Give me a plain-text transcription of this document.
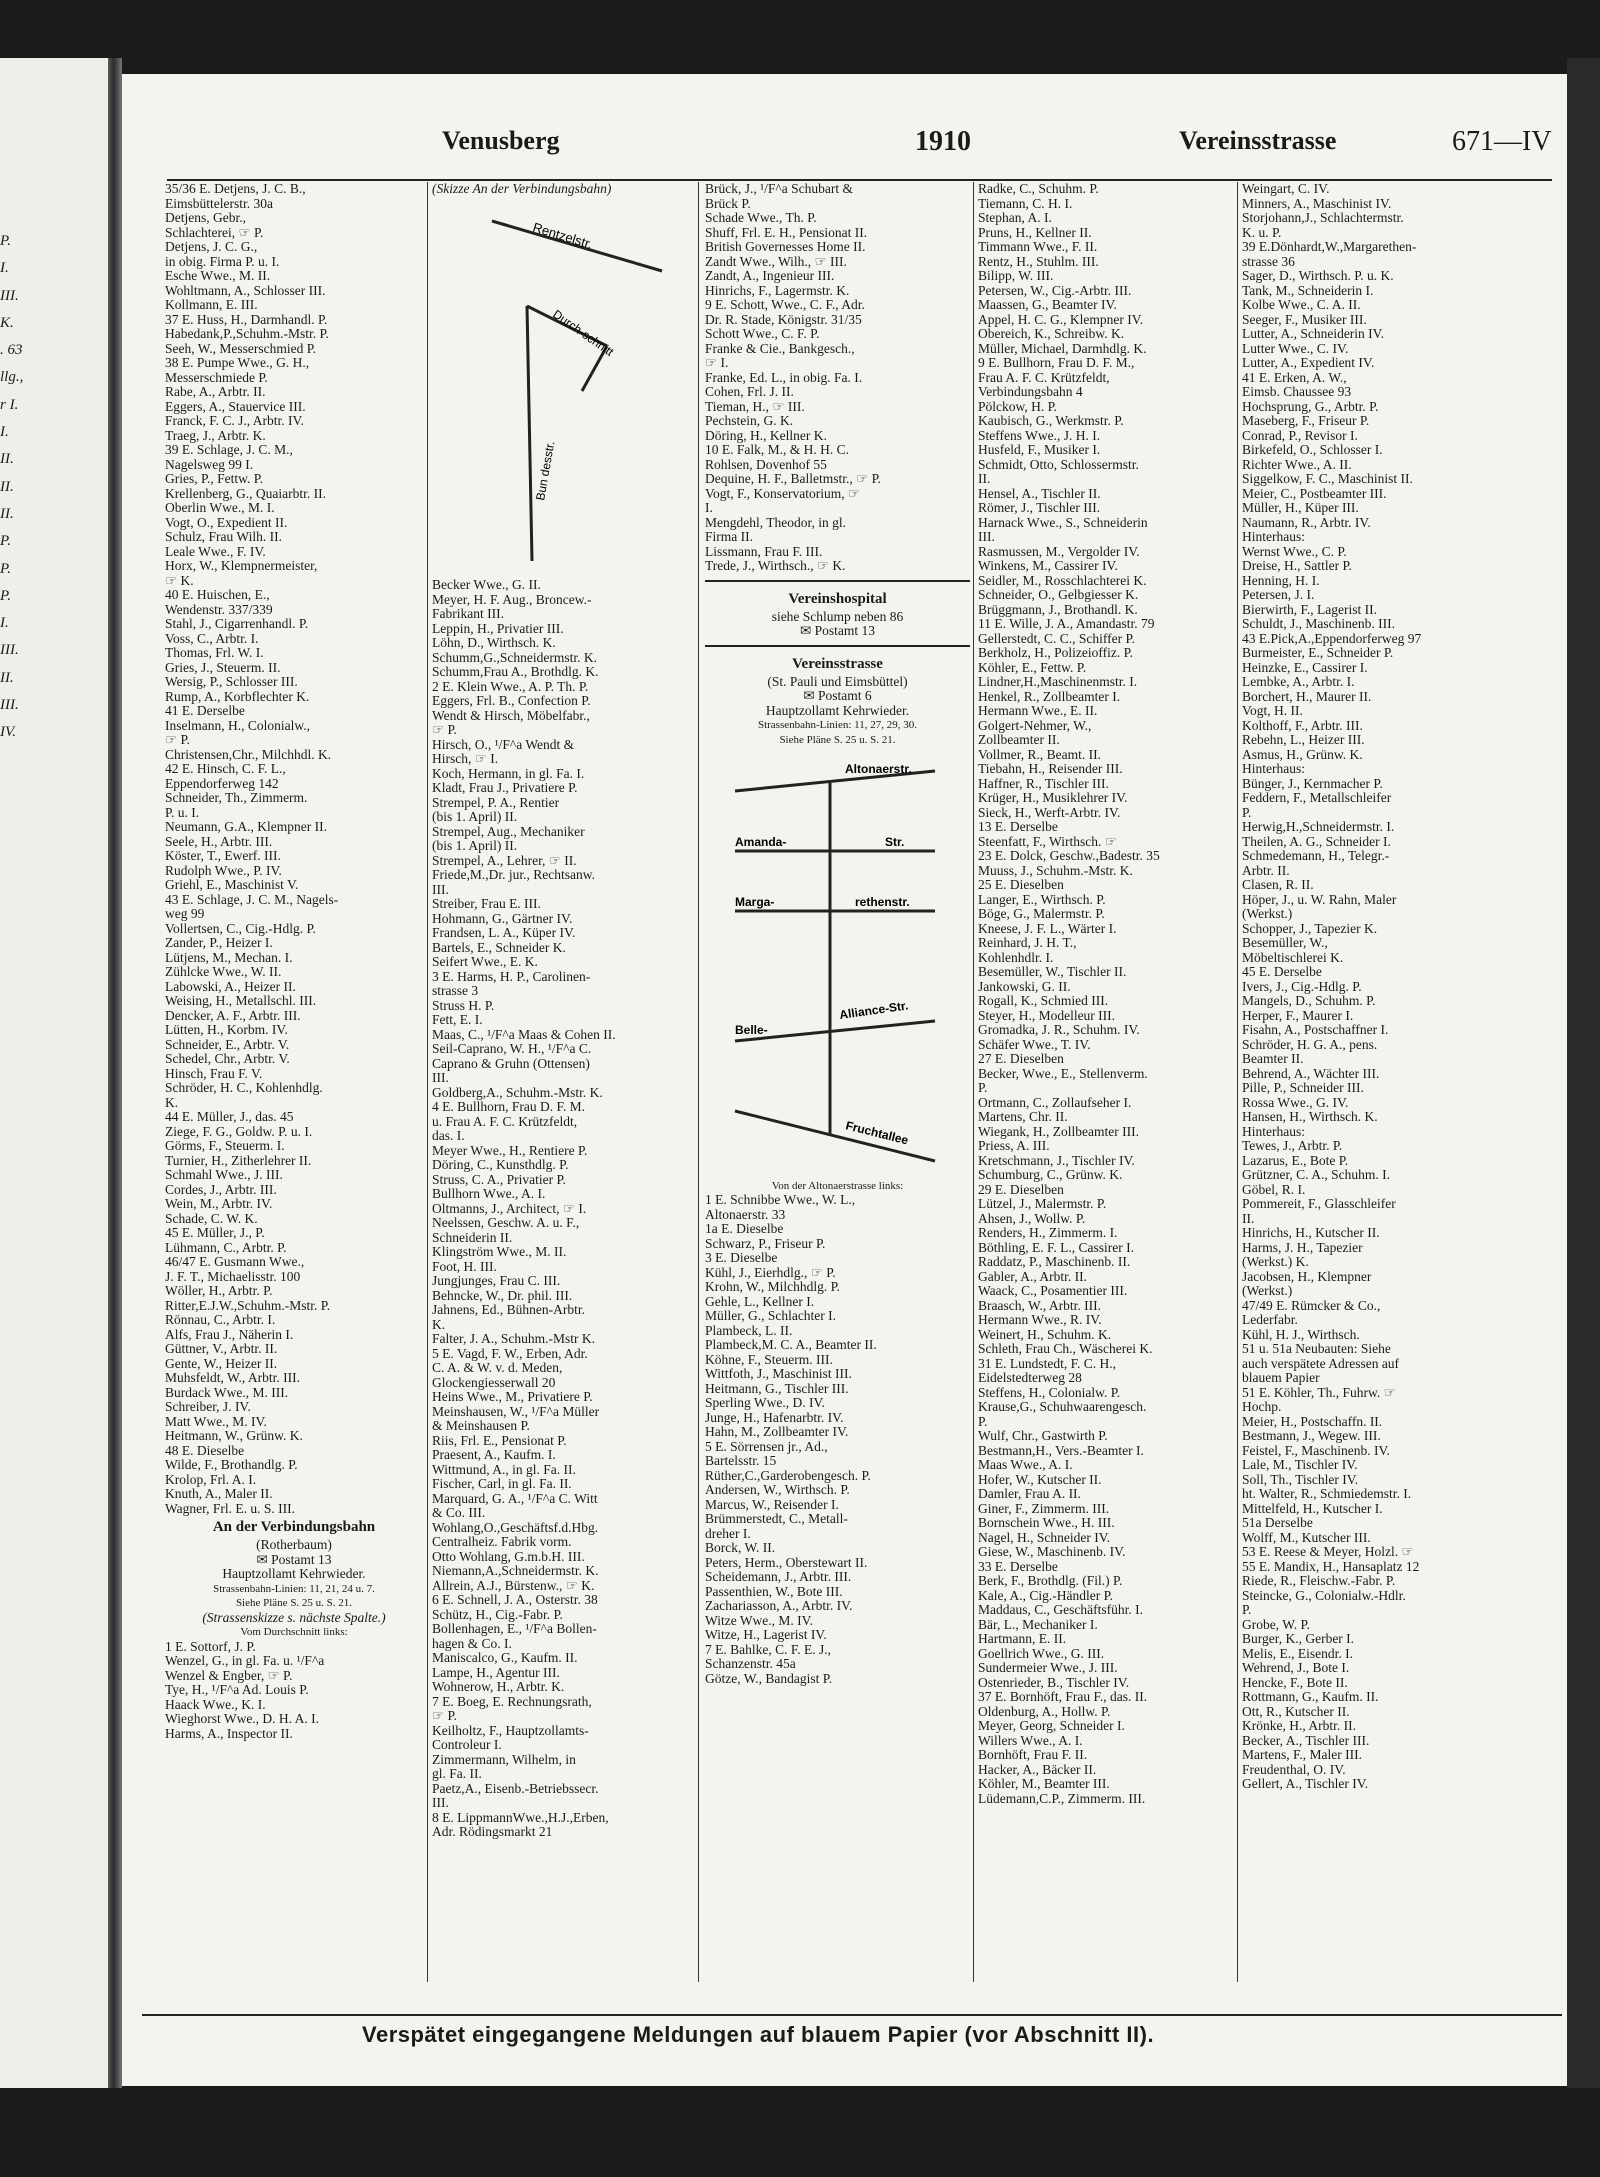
P.
I.
III.
K.
. 63
llg.,
r I.
I.
II.
II.
II.
P.
P.
P.
I.
III.
II.
III.
IV.
Venusberg	1910	Vereinsstrasse	671—IV
35/36 E. Detjens, J. C. B.,
Eimsbüttelerstr. 30a
Detjens, Gebr.,
Schlachterei, ☞ P.
Detjens, J. C. G.,
in obig. Firma P. u. I.
Esche Wwe., M. II.
Wohltmann, A., Schlosser III.
Kollmann, E. III.
37 E. Huss, H., Darmhandl. P.
Habedank,P.,Schuhm.-Mstr. P.
Seeh, W., Messerschmied P.
38 E. Pumpe Wwe., G. H.,
Messerschmiede P.
Rabe, A., Arbtr. II.
Eggers, A., Stauervice III.
Franck, F. C. J., Arbtr. IV.
Traeg, J., Arbtr. K.
39 E. Schlage, J. C. M.,
Nagelsweg 99 I.
Gries, P., Fettw. P.
Krellenberg, G., Quaiarbtr. II.
Oberlin Wwe., M. I.
Vogt, O., Expedient II.
Schulz, Frau Wilh. II.
Leale Wwe., F. IV.
Horx, W., Klempnermeister,
☞ K.
40 E. Huischen, E.,
Wendenstr. 337/339
Stahl, J., Cigarrenhandl. P.
Voss, C., Arbtr. I.
Thomas, Frl. W. I.
Gries, J., Steuerm. II.
Wersig, P., Schlosser III.
Rump, A., Korbflechter K.
41 E. Derselbe
Inselmann, H., Colonialw.,
☞ P.
Christensen,Chr., Milchhdl. K.
42 E. Hinsch, C. F. L.,
Eppendorferweg 142
Schneider, Th., Zimmerm.
P. u. I.
Neumann, G.A., Klempner II.
Seele, H., Arbtr. III.
Köster, T., Ewerf. III.
Rudolph Wwe., P. IV.
Griehl, E., Maschinist V.
43 E. Schlage, J. C. M., Nagels-
weg 99
Vollertsen, C., Cig.-Hdlg. P.
Zander, P., Heizer I.
Lütjens, M., Mechan. I.
Zühlcke Wwe., W. II.
Labowski, A., Heizer II.
Weising, H., Metallschl. III.
Dencker, A. F., Arbtr. III.
Lütten, H., Korbm. IV.
Schneider, E., Arbtr. V.
Schedel, Chr., Arbtr. V.
Hinsch, Frau F. V.
Schröder, H. C., Kohlenhdlg.
K.
44 E. Müller, J., das. 45
Ziege, F. G., Goldw. P. u. I.
Görms, F., Steuerm. I.
Turnier, H., Zitherlehrer II.
Schmahl Wwe., J. III.
Cordes, J., Arbtr. III.
Wein, M., Arbtr. IV.
Schade, C. W. K.
45 E. Müller, J., P.
Lühmann, C., Arbtr. P.
46/47 E. Gusmann Wwe.,
J. F. T., Michaelisstr. 100
Wöller, H., Arbtr. P.
Ritter,E.J.W.,Schuhm.-Mstr. P.
Rönnau, C., Arbtr. I.
Alfs, Frau J., Näherin I.
Güttner, V., Arbtr. II.
Gente, W., Heizer II.
Muhsfeldt, W., Arbtr. III.
Burdack Wwe., M. III.
Schreiber, J. IV.
Matt Wwe., M. IV.
Heitmann, W., Grünw. K.
48 E. Dieselbe
Wilde, F., Brothandlg. P.
Krolop, Frl. A. I.
Knuth, A., Maler II.
Wagner, Frl. E. u. S. III.
An der Verbindungsbahn
(Rotherbaum)
✉ Postamt 13
Hauptzollamt Kehrwieder.
Strassenbahn-Linien: 11, 21, 24 u. 7.
Siehe Pläne S. 25 u. S. 21.
(Strassenskizze s. nächste Spalte.)
Vom Durchschnitt links:
1 E. Sottorf, J. P.
Wenzel, G., in gl. Fa. u. ¹/F^a
Wenzel & Engber, ☞ P.
Tye, H., ¹/F^a Ad. Louis P.
Haack Wwe., K. I.
Wieghorst Wwe., D. H. A. I.
Harms, A., Inspector II.
(Skizze An der Verbindungsbahn)
Rentzelstr.
Durch-schnitt
Bun desstr.
Becker Wwe., G. II.
Meyer, H. F. Aug., Broncew.-
Fabrikant III.
Leppin, H., Privatier III.
Löhn, D., Wirthsch. K.
Schumm,G.,Schneidermstr. K.
Schumm,Frau A., Brothdlg. K.
2 E. Klein Wwe., A. P. Th. P.
Eggers, Frl. B., Confection P.
Wendt & Hirsch, Möbelfabr.,
☞ P.
Hirsch, O., ¹/F^a Wendt &
Hirsch, ☞ I.
Koch, Hermann, in gl. Fa. I.
Kladt, Frau J., Privatiere P.
Strempel, P. A., Rentier
(bis 1. April) II.
Strempel, Aug., Mechaniker
(bis 1. April) II.
Strempel, A., Lehrer, ☞ II.
Friede,M.,Dr. jur., Rechtsanw.
III.
Streiber, Frau E. III.
Hohmann, G., Gärtner IV.
Frandsen, L. A., Küper IV.
Bartels, E., Schneider K.
Seifert Wwe., E. K.
3 E. Harms, H. P., Carolinen-
strasse 3
Struss H. P.
Fett, E. I.
Maas, C., ¹/F^a Maas & Cohen II.
Seil-Caprano, W. H., ¹/F^a C.
Caprano & Gruhn (Ottensen)
III.
Goldberg,A., Schuhm.-Mstr. K.
4 E. Bullhorn, Frau D. F. M.
u. Frau A. F. C. Krützfeldt,
das. I.
Meyer Wwe., H., Rentiere P.
Döring, C., Kunsthdlg. P.
Struss, C. A., Privatier P.
Bullhorn Wwe., A. I.
Oltmanns, J., Architect, ☞ I.
Neelssen, Geschw. A. u. F.,
Schneiderin II.
Klingström Wwe., M. II.
Foot, H. III.
Jungjunges, Frau C. III.
Behncke, W., Dr. phil. III.
Jahnens, Ed., Bühnen-Arbtr.
K.
Falter, J. A., Schuhm.-Mstr K.
5 E. Vagd, F. W., Erben, Adr.
C. A. & W. v. d. Meden,
Glockengiesserwall 20
Heins Wwe., M., Privatiere P.
Meinshausen, W., ¹/F^a Müller
& Meinshausen P.
Riis, Frl. E., Pensionat P.
Praesent, A., Kaufm. I.
Wittmund, A., in gl. Fa. II.
Fischer, Carl, in gl. Fa. II.
Marquard, G. A., ¹/F^a C. Witt
& Co. III.
Wohlang,O.,Geschäftsf.d.Hbg.
Centralheiz. Fabrik vorm.
Otto Wohlang, G.m.b.H. III.
Niemann,A.,Schneidermstr. K.
Allrein, A.J., Bürstenw., ☞ K.
6 E. Schnell, J. A., Osterstr. 38
Schütz, H., Cig.-Fabr. P.
Bollenhagen, E., ¹/F^a Bollen-
hagen & Co. I.
Maniscalco, G., Kaufm. II.
Lampe, H., Agentur III.
Wohnerow, H., Arbtr. K.
7 E. Boeg, E. Rechnungsrath,
☞ P.
Keilholtz, F., Hauptzollamts-
Controleur I.
Zimmermann, Wilhelm, in
gl. Fa. II.
Paetz,A., Eisenb.-Betriebssecr.
III.
8 E. LippmannWwe.,H.J.,Erben,
Adr. Rödingsmarkt 21
Brück, J., ¹/F^a Schubart &
Brück P.
Schade Wwe., Th. P.
Shuff, Frl. E. H., Pensionat II.
British Governesses Home II.
Zandt Wwe., Wilh., ☞ III.
Zandt, A., Ingenieur III.
Hinrichs, F., Lagermstr. K.
9 E. Schott, Wwe., C. F., Adr.
Dr. R. Stade, Königstr. 31/35
Schott Wwe., C. F. P.
Franke & Cie., Bankgesch.,
☞ I.
Franke, Ed. L., in obig. Fa. I.
Cohen, Frl. J. II.
Tieman, H., ☞ III.
Pechstein, G. K.
Döring, H., Kellner K.
10 E. Falk, M., & H. H. C.
Rohlsen, Dovenhof 55
Dequine, H. F., Balletmstr., ☞ P.
Vogt, F., Konservatorium, ☞
I.
Mengdehl, Theodor, in gl.
Firma II.
Lissmann, Frau F. III.
Trede, J., Wirthsch., ☞ K.
Vereinshospital
siehe Schlump neben 86
✉ Postamt 13
Vereinsstrasse
(St. Pauli und Eimsbüttel)
✉ Postamt 6
Hauptzollamt Kehrwieder.
Strassenbahn-Linien: 11, 27, 29, 30.
Siehe Pläne S. 25 u. S. 21.
Altonaerstr.
Amanda-	Str.
Marga-	rethenstr.
Belle-
Alliance-Str.
Fruchtallee
Von der Altonaerstrasse links:
1 E. Schnibbe Wwe., W. L.,
Altonaerstr. 33
1a E. Dieselbe
Schwarz, P., Friseur P.
3 E. Dieselbe
Kühl, J., Eierhdlg., ☞ P.
Krohn, W., Milchhdlg. P.
Gehle, L., Kellner I.
Müller, G., Schlachter I.
Plambeck, L. II.
Plambeck,M. C. A., Beamter II.
Köhne, F., Steuerm. III.
Wittfoth, J., Maschinist III.
Heitmann, G., Tischler III.
Sperling Wwe., D. IV.
Junge, H., Hafenarbtr. IV.
Hahn, M., Zollbeamter IV.
5 E. Sörrensen jr., Ad.,
Bartelsstr. 15
Rüther,C.,Garderobengesch. P.
Andersen, W., Wirthsch. P.
Marcus, W., Reisender I.
Brümmerstedt, C., Metall-
dreher I.
Borck, W. II.
Peters, Herm., Oberstewart II.
Scheidemann, J., Arbtr. III.
Passenthien, W., Bote III.
Zachariasson, A., Arbtr. IV.
Witze Wwe., M. IV.
Witze, H., Lagerist IV.
7 E. Bahlke, C. F. E. J.,
Schanzenstr. 45a
Götze, W., Bandagist P.
Radke, C., Schuhm. P.
Tiemann, C. H. I.
Stephan, A. I.
Pruns, H., Kellner II.
Timmann Wwe., F. II.
Rentz, H., Stuhlm. III.
Bilipp, W. III.
Petersen, W., Cig.-Arbtr. III.
Maassen, G., Beamter IV.
Appel, H. C. G., Klempner IV.
Obereich, K., Schreibw. K.
Müller, Michael, Darmhdlg. K.
9 E. Bullhorn, Frau D. F. M.,
Frau A. F. C. Krützfeldt,
Verbindungsbahn 4
Pölckow, H. P.
Kaubisch, G., Werkmstr. P.
Steffens Wwe., J. H. I.
Husfeld, F., Musiker I.
Schmidt, Otto, Schlossermstr.
II.
Hensel, A., Tischler II.
Römer, J., Tischler III.
Harnack Wwe., S., Schneiderin
III.
Rasmussen, M., Vergolder IV.
Winkens, M., Cassirer IV.
Seidler, M., Rosschlachterei K.
Schneider, O., Gelbgiesser K.
Brüggmann, J., Brothandl. K.
11 E. Wille, J. A., Amandastr. 79
Gellerstedt, C. C., Schiffer P.
Berkholz, H., Polizeioffiz. P.
Köhler, E., Fettw. P.
Lindner,H.,Maschinenmstr. I.
Henkel, R., Zollbeamter I.
Hermann Wwe., E. II.
Golgert-Nehmer, W.,
Zollbeamter II.
Vollmer, R., Beamt. II.
Tiebahn, H., Reisender III.
Haffner, R., Tischler III.
Krüger, H., Musiklehrer IV.
Sieck, H., Werft-Arbtr. IV.
13 E. Derselbe
Steenfatt, F., Wirthsch. ☞
23 E. Dolck, Geschw.,Badestr. 35
Muuss, J., Schuhm.-Mstr. K.
25 E. Dieselben
Langer, E., Wirthsch. P.
Böge, G., Malermstr. P.
Kneese, J. F. L., Wärter I.
Reinhard, J. H. T.,
Kohlenhdlr. I.
Besemüller, W., Tischler II.
Jankowski, G. II.
Rogall, K., Schmied III.
Steyer, H., Modelleur III.
Gromadka, J. R., Schuhm. IV.
Schäfer Wwe., T. IV.
27 E. Dieselben
Becker, Wwe., E., Stellenverm.
P.
Ortmann, C., Zollaufseher I.
Martens, Chr. II.
Wiegank, H., Zollbeamter III.
Priess, A. III.
Kretschmann, J., Tischler IV.
Schumburg, C., Grünw. K.
29 E. Dieselben
Lützel, J., Malermstr. P.
Ahsen, J., Wollw. P.
Renders, H., Zimmerm. I.
Böthling, E. F. L., Cassirer I.
Raddatz, P., Maschinenb. II.
Gabler, A., Arbtr. II.
Waack, C., Posamentier III.
Braasch, W., Arbtr. III.
Hermann Wwe., R. IV.
Weinert, H., Schuhm. K.
Schleth, Frau Ch., Wäscherei K.
31 E. Lundstedt, F. C. H.,
Eidelstedterweg 28
Steffens, H., Colonialw. P.
Krause,G., Schuhwaarengesch.
P.
Wulf, Chr., Gastwirth P.
Bestmann,H., Vers.-Beamter I.
Maas Wwe., A. I.
Hofer, W., Kutscher II.
Damler, Frau A. II.
Giner, F., Zimmerm. III.
Bornschein Wwe., H. III.
Nagel, H., Schneider IV.
Giese, W., Maschinenb. IV.
33 E. Derselbe
Berk, F., Brothdlg. (Fil.) P.
Kale, A., Cig.-Händler P.
Maddaus, C., Geschäftsführ. I.
Bär, L., Mechaniker I.
Hartmann, E. II.
Goellrich Wwe., G. III.
Sundermeier Wwe., J. III.
Ostenrieder, B., Tischler IV.
37 E. Bornhöft, Frau F., das. II.
Oldenburg, A., Hollw. P.
Meyer, Georg, Schneider I.
Willers Wwe., A. I.
Bornhöft, Frau F. II.
Hacker, A., Bäcker II.
Köhler, M., Beamter III.
Lüdemann,C.P., Zimmerm. III.
Weingart, C. IV.
Minners, A., Maschinist IV.
Storjohann,J., Schlachtermstr.
K. u. P.
39 E.Dönhardt,W.,Margarethen-
strasse 36
Sager, D., Wirthsch. P. u. K.
Tank, M., Schneiderin I.
Kolbe Wwe., C. A. II.
Seeger, F., Musiker III.
Lutter, A., Schneiderin IV.
Lutter Wwe., C. IV.
Lutter, A., Expedient IV.
41 E. Erken, A. W.,
Eimsb. Chaussee 93
Hochsprung, G., Arbtr. P.
Maseberg, F., Friseur P.
Conrad, P., Revisor I.
Birkefeld, O., Schlosser I.
Richter Wwe., A. II.
Siggelkow, F. C., Maschinist II.
Meier, C., Postbeamter III.
Müller, H., Küper III.
Naumann, R., Arbtr. IV.
Hinterhaus:
Wernst Wwe., C. P.
Dreise, H., Sattler P.
Henning, H. I.
Petersen, J. I.
Bierwirth, F., Lagerist II.
Schuldt, J., Maschinenb. III.
43 E.Pick,A.,Eppendorferweg 97
Burmeister, E., Schneider P.
Heinzke, E., Cassirer I.
Lembke, A., Arbtr. I.
Borchert, H., Maurer II.
Vogt, H. II.
Kolthoff, F., Arbtr. III.
Rebehn, L., Heizer III.
Asmus, H., Grünw. K.
Hinterhaus:
Bünger, J., Kernmacher P.
Feddern, F., Metallschleifer
P.
Herwig,H.,Schneidermstr. I.
Theilen, A. G., Schneider I.
Schmedemann, H., Telegr.-
Arbtr. II.
Clasen, R. II.
Höper, J., u. W. Rahn, Maler
(Werkst.)
Schopper, J., Tapezier K.
Besemüller, W.,
Möbeltischlerei K.
45 E. Derselbe
Ivers, J., Cig.-Hdlg. P.
Mangels, D., Schuhm. P.
Herper, F., Maurer I.
Fisahn, A., Postschaffner I.
Schröder, H. G. A., pens.
Beamter II.
Behrend, A., Wächter III.
Pille, P., Schneider III.
Rossa Wwe., G. IV.
Hansen, H., Wirthsch. K.
Hinterhaus:
Tewes, J., Arbtr. P.
Lazarus, E., Bote P.
Grützner, C. A., Schuhm. I.
Göbel, R. I.
Pommereit, F., Glasschleifer
II.
Hinrichs, H., Kutscher II.
Harms, J. H., Tapezier
(Werkst.) K.
Jacobsen, H., Klempner
(Werkst.)
47/49 E. Rümcker & Co.,
Lederfabr.
Kühl, H. J., Wirthsch.
51 u. 51a Neubauten: Siehe
auch verspätete Adressen auf
blauem Papier
51 E. Köhler, Th., Fuhrw. ☞
Hochp.
Meier, H., Postschaffn. II.
Bestmann, J., Wegew. III.
Feistel, F., Maschinenb. IV.
Lale, M., Tischler IV.
Soll, Th., Tischler IV.
ht. Walter, R., Schmiedemstr. I.
Mittelfeld, H., Kutscher I.
51a Derselbe
Wolff, M., Kutscher III.
53 E. Reese & Meyer, Holzl. ☞
55 E. Mandix, H., Hansaplatz 12
Riede, R., Fleischw.-Fabr. P.
Steincke, G., Colonialw.-Hdlr.
P.
Grobe, W. P.
Burger, K., Gerber I.
Melis, E., Eisendr. I.
Wehrend, J., Bote I.
Hencke, F., Bote II.
Rottmann, G., Kaufm. II.
Ott, R., Kutscher II.
Krönke, H., Arbtr. II.
Becker, A., Tischler III.
Martens, F., Maler III.
Freudenthal, O. IV.
Gellert, A., Tischler IV.
Verspätet eingegangene Meldungen auf blauem Papier (vor Abschnitt II).
